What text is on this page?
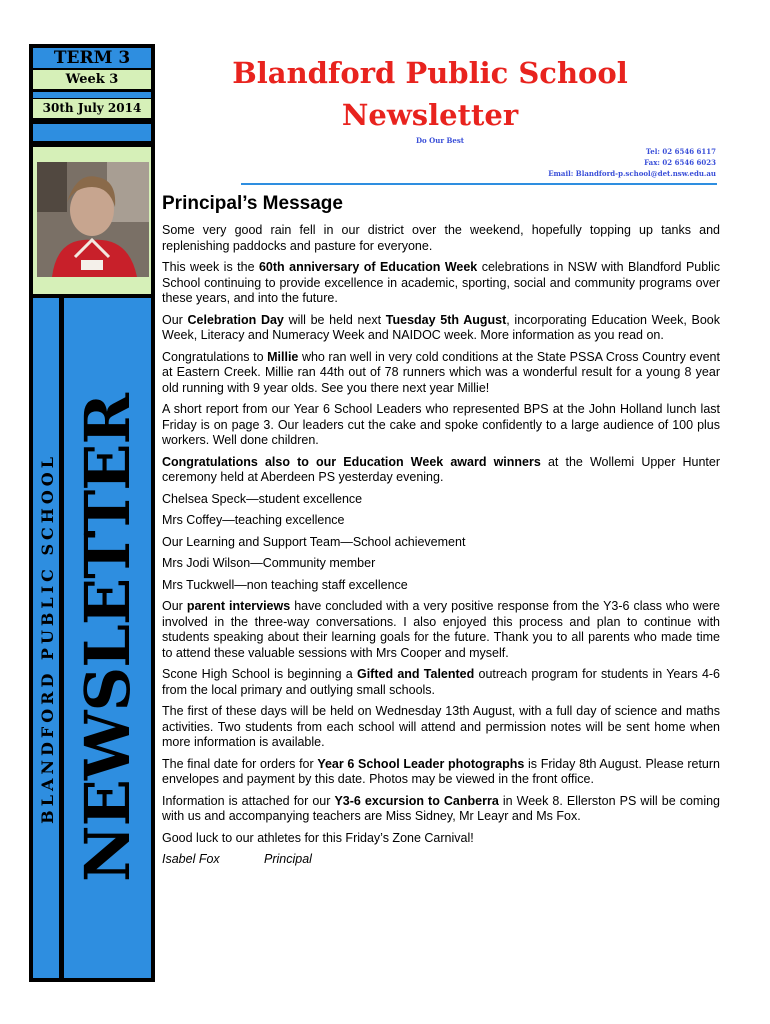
TERM 3
Week 3
30th July 2014
BLANDFORD PUBLIC SCHOOL NEWSLETTER
Blandford Public School
Newsletter
Do Our Best
Tel: 02 6546 6117
Fax: 02 6546 6023
Email: Blandford-p.school@det.nsw.edu.au
Principal’s Message

Some very good rain fell in our district over the weekend, hopefully topping up tanks and replenishing paddocks and pasture for everyone.

This week is the 60th anniversary of Education Week celebrations in NSW with Blandford Public School continuing to provide excellence in academic, sporting, social and community programs over these years, and into the future.

Our Celebration Day will be held next Tuesday 5th August, incorporating Education Week, Book Week, Literacy and Numeracy Week and NAIDOC week. More information as you read on.

Congratulations to Millie who ran well in very cold conditions at the State PSSA Cross Country event at Eastern Creek. Millie ran 44th out of 78 runners which was a wonderful result for a young 8 year old running with 9 year olds. See you there next year Millie!

A short report from our Year 6 School Leaders who represented BPS at the John Holland lunch last Friday is on page 3. Our leaders cut the cake and spoke confidently to a large audience of 100 plus workers. Well done children.

Congratulations also to our Education Week award winners at the Wollemi Upper Hunter ceremony held at Aberdeen PS yesterday evening.

Chelsea Speck—student excellence

Mrs Coffey—teaching excellence

Our Learning and Support Team—School achievement

Mrs Jodi Wilson—Community member

Mrs Tuckwell—non teaching staff excellence

Our parent interviews have concluded with a very positive response from the Y3-6 class who were involved in the three-way conversations. I also enjoyed this process and plan to continue with students speaking about their learning goals for the future. Thank you to all parents who made time to attend these valuable sessions with Mrs Cooper and myself.

Scone High School is beginning a Gifted and Talented outreach program for students in Years 4-6 from the local primary and outlying small schools.

The first of these days will be held on Wednesday 13th August, with a full day of science and maths activities. Two students from each school will attend and permission notes will be sent home when more information is available.

The final date for orders for Year 6 School Leader photographs is Friday 8th August. Please return envelopes and payment by this date. Photos may be viewed in the front office.

Information is attached for our Y3-6 excursion to Canberra in Week 8. Ellerston PS will be coming with us and accompanying teachers are Miss Sidney, Mr Leayr and Ms Fox.

Good luck to our athletes for this Friday’s Zone Carnival!

Isabel Fox	Principal
